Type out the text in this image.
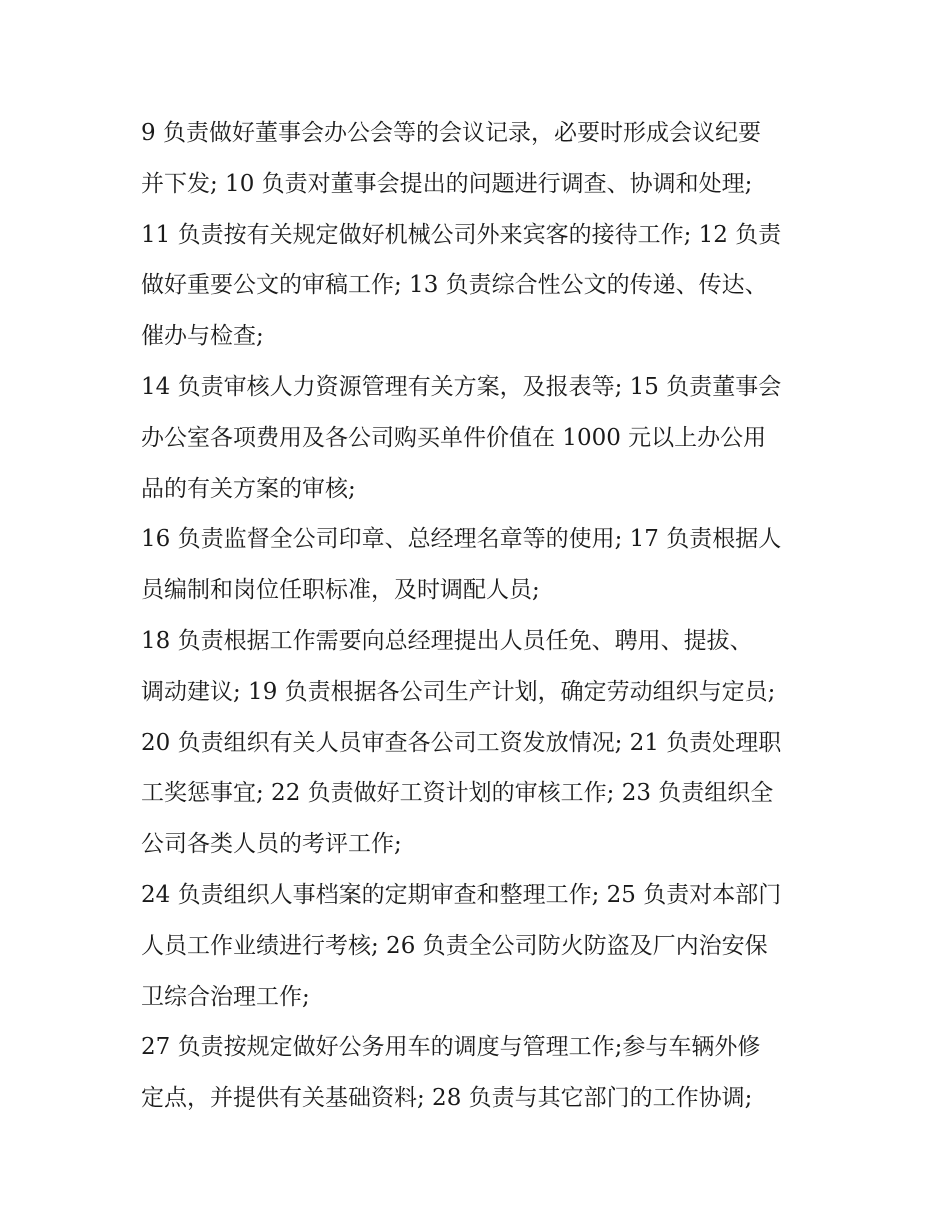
9 负责做好董事会办公会等的会议记录，必要时形成会议纪要
并下发; 10 负责对董事会提出的问题进行调查、协调和处理;
11 负责按有关规定做好机械公司外来宾客的接待工作; 12 负责
做好重要公文的审稿工作; 13 负责综合性公文的传递、传达、
催办与检查;
14 负责审核人力资源管理有关方案，及报表等; 15 负责董事会
办公室各项费用及各公司购买单件价值在 1000 元以上办公用
品的有关方案的审核;
16 负责监督全公司印章、总经理名章等的使用; 17 负责根据人
员编制和岗位任职标准，及时调配人员;
18 负责根据工作需要向总经理提出人员任免、聘用、提拔、
调动建议; 19 负责根据各公司生产计划，确定劳动组织与定员;
20 负责组织有关人员审查各公司工资发放情况; 21 负责处理职
工奖惩事宜; 22 负责做好工资计划的审核工作; 23 负责组织全
公司各类人员的考评工作;
24 负责组织人事档案的定期审查和整理工作; 25 负责对本部门
人员工作业绩进行考核; 26 负责全公司防火防盗及厂内治安保
卫综合治理工作;
27 负责按规定做好公务用车的调度与管理工作;参与车辆外修
定点，并提供有关基础资料; 28 负责与其它部门的工作协调;
